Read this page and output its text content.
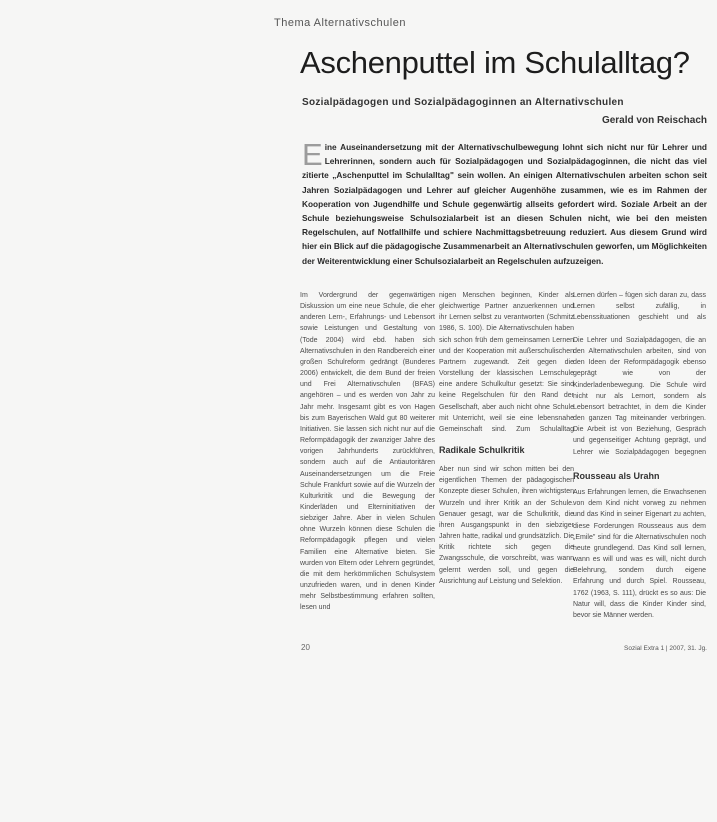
Thema Alternativschulen
Aschenputtel im Schulalltag?
Sozialpädagogen und Sozialpädagoginnen an Alternativschulen
Gerald von Reischach
E ine Auseinandersetzung mit der Alternativschulbewegung lohnt sich nicht nur für Lehrer und Lehrerinnen, sondern auch für Sozialpädagogen und Sozialpädagoginnen, die nicht das viel zitierte „Aschenputtel im Schulalltag" sein wollen. An einigen Alternativschulen arbeiten schon seit Jahren Sozialpädagogen und Lehrer auf gleicher Augenhöhe zusammen, wie es im Rahmen der Kooperation von Jugendhilfe und Schule gegenwärtig allseits gefordert wird. Soziale Arbeit an der Schule beziehungsweise Schulsozialarbeit ist an diesen Schulen nicht, wie bei den meisten Regelschulen, auf Notfallhilfe und schiere Nachmittagsbetreuung reduziert. Aus diesem Grund wird hier ein Blick auf die pädagogische Zusammenarbeit an Alternativschulen geworfen, um Möglichkeiten der Weiterentwicklung einer Schulsozialarbeit an Regelschulen aufzuzeigen.

Im Vordergrund der gegenwärtigen Diskussion um eine neue Schule, die eher anderen Lern-, Erfahrungs- und Lebensort sowie Leistungen und Gestaltung von (Tode 2004) wird ebd. haben sich Alternativschulen in den Randbereich einer großen Schulreform gedrängt (Bunderes 2006) entwickelt, die dem Bund der freien und Frei Alternativschulen (BFAS) angehören – und es werden von Jahr zu Jahr mehr. Insgesamt gibt es von Hagen bis zum Bayerischen Wald gut 80 weiterer Initiativen. Sie lassen sich nicht nur auf die Reformpädagogik der zwanziger Jahre des vorigen Jahrhunderts zurückführen, sondern auch auf die Antiautoritären Auseinandersetzungen um die Freie Schule Frankfurt sowie auf die Wurzeln der Kulturkritik und die Bewegung der Kinderläden und Elterninitiativen der siebziger Jahre. Aber in vielen Schulen ohne Wurzeln können diese Schulen die Reformpädagogik pflegen und vielen Familien eine Alternative bieten. Sie wurden von Eltern oder Lehrern gegründet, die mit dem herkömmlichen Schulsystem unzufrieden waren, und in denen Kinder mehr Selbstbestimmung erfahren sollten, lesen und

nigen Menschen beginnen, Kinder als gleichwertige Partner anzuerkennen und ihr Lernen selbst zu verantworten (Schmitz 1986, S. 100). Die Alternativschulen haben sich schon früh dem gemeinsamen Lernen und der Kooperation mit außerschulischen Partnern zugewandt. Zeit gegen die Vorstellung der klassischen Lernschule eine andere Schulkultur gesetzt: Sie sind keine Regelschulen für den Rand der Gesellschaft, aber auch nicht ohne Schule mit Unterricht, weil sie eine lebensnahe Gemeinschaft sind. Zum Schulalltag

Radikale Schulkritik

Aber nun sind wir schon mitten bei den eigentlichen Themen der pädagogischen Konzepte dieser Schulen, ihren wichtigsten Wurzeln und ihrer Kritik an der Schule. Genauer gesagt, war die Schulkritik, die ihren Ausgangspunkt in den siebziger Jahren hatte, radikal und grundsätzlich. Die Kritik richtete sich gegen die Zwangsschule, die vorschreibt, was wann gelernt werden soll, und gegen die Ausrichtung auf Leistung und Selektion.

Lernen dürfen – fügen sich daran zu, dass Lernen selbst zufällig, in Lebenssituationen geschieht und als

Die Lehrer und Sozialpädagogen, die an den Alternativschulen arbeiten, sind von den Ideen der Reformpädagogik ebenso geprägt wie von der Kinderladenbewegung. Die Schule wird nicht nur als Lernort, sondern als Lebensort betrachtet, in dem die Kinder den ganzen Tag miteinander verbringen. Die Arbeit ist von Beziehung, Gespräch und gegenseitiger Achtung geprägt, und Lehrer wie Sozialpädagogen begegnen

Rousseau als Urahn

Aus Erfahrungen lernen, die Erwachsenen von dem Kind nicht vorweg zu nehmen und das Kind in seiner Eigenart zu achten, diese Forderungen Rousseaus aus dem „Emile" sind für die Alternativschulen noch heute grundlegend. Das Kind soll lernen, wann es will und was es will, nicht durch Belehrung, sondern durch eigene Erfahrung und durch Spiel. Rousseau, 1762 (1963, S. 111), drückt es so aus: Die Natur will, dass die Kinder Kinder sind, bevor sie Männer werden.

20	Sozial Extra 1 | 2007, 31. Jg.
